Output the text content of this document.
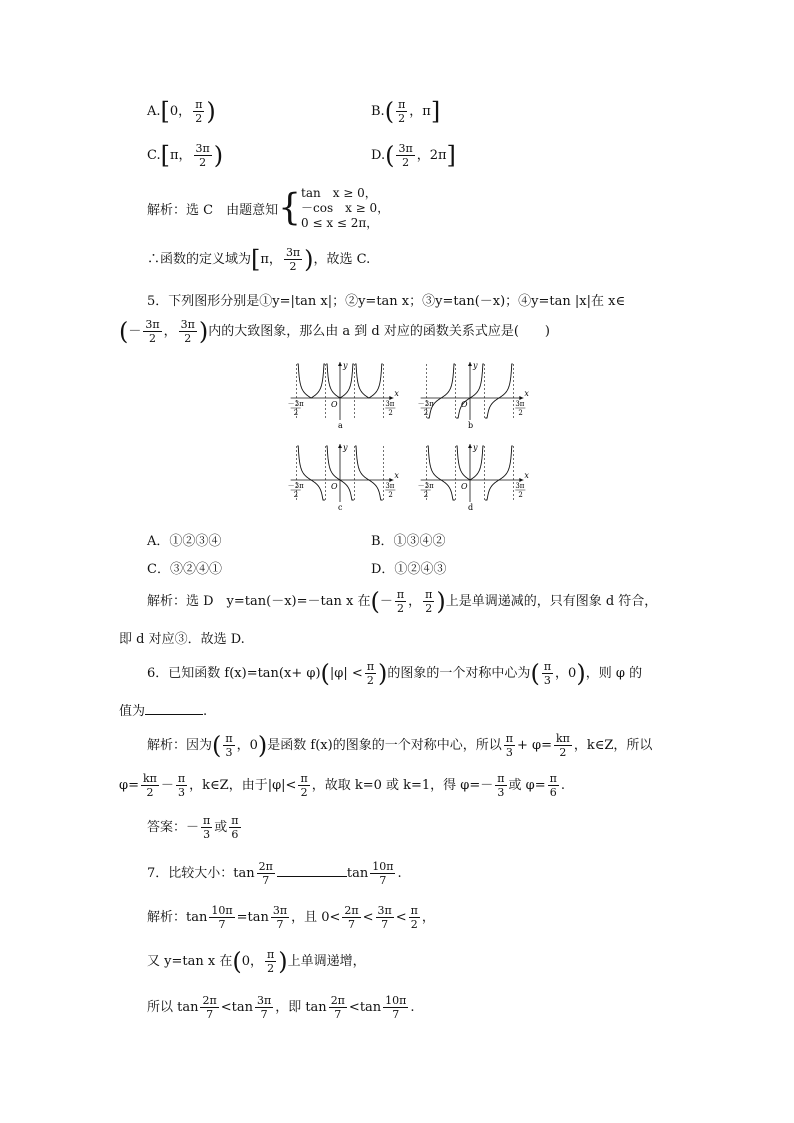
A.[0， $\frac{\pi}{2}$ )	$B.( \frac{\pi}{2}$ ，π]
C.[π， $\frac{3\pi}{2}$ )	$D.( \frac{3\pi}{2}$ ，2π]
解析：选 C　由题意知{ tan　x ≥ 0，
－cos　x ≥ 0，
0 ≤ x ≤ 2π，
∴函数的定义域为[π， $\frac{3\pi}{2}$ )，故选 C.
5．下列图形分别是①y=|tan x|；②y=tan x；③y=tan(－x)；④y=tan |x|在 x∈
(－ $\frac{3\pi}{2}$ ， $\frac{3\pi}{2}$ )内的大致图象，那么由 a 到 d 对应的函数关系式应是(　　)
x
y
O
－3π
2
3π
2
a
x
y
O
－3π
2
3π
2
b
x
y
O
－3π
2
3π
2
c
x
y
O
－3π
2
3π
2
d
A．①②③④	B．①③④②
C．③②④①	D．①②④③
解析：选 D　y=tan(－x)=－tan x 在(－ $\frac{\pi}{2}$ ， $\frac{\pi}{2}$ )上是单调递减的，只有图象 d 符合，
即 d 对应③．故选 D.
6．已知函数 $f(x)=\tan(x+ \varphi)(|\varphi| < \frac{\pi}{2}$ )的图象的一个对称中心为( $\frac{\pi}{3}$ ，0)，则 φ 的
值为	.
解析：因为( $\frac{\pi}{3}$ ，0)是函数 f(x)的图象的一个对称中心，所以 $\frac{\pi}{3} + \varphi= \frac{k\pi}{2}$ ，k∈Z，所以
$\varphi= \frac{k\pi}{2} - \frac{\pi}{3}$ ，k∈Z，由于$|\varphi|< \frac{\pi}{2}$ ，故取 k=0 或 k=1，得 $\varphi=- \frac{\pi}{3}$ 或 $\varphi= \frac{\pi}{6}$ .
答案：－ $\frac{\pi}{3}$ 或 $\frac{\pi}{6}$
7．比较大小：$\tan \frac{2\pi}{7}$	$\tan \frac{10\pi}{7}$ .
解析：$\tan \frac{10\pi}{7} =\tan \frac{3\pi}{7}$ ，且 $0< \frac{2\pi}{7} < \frac{3\pi}{7} < \frac{\pi}{2}$ ，
又 y=tan x 在(0， $\frac{\pi}{2}$ )上单调递增，
所以 $\tan \frac{2\pi}{7} <\tan \frac{3\pi}{7}$ ，即 $\tan \frac{2\pi}{7} <\tan \frac{10\pi}{7}$ .
